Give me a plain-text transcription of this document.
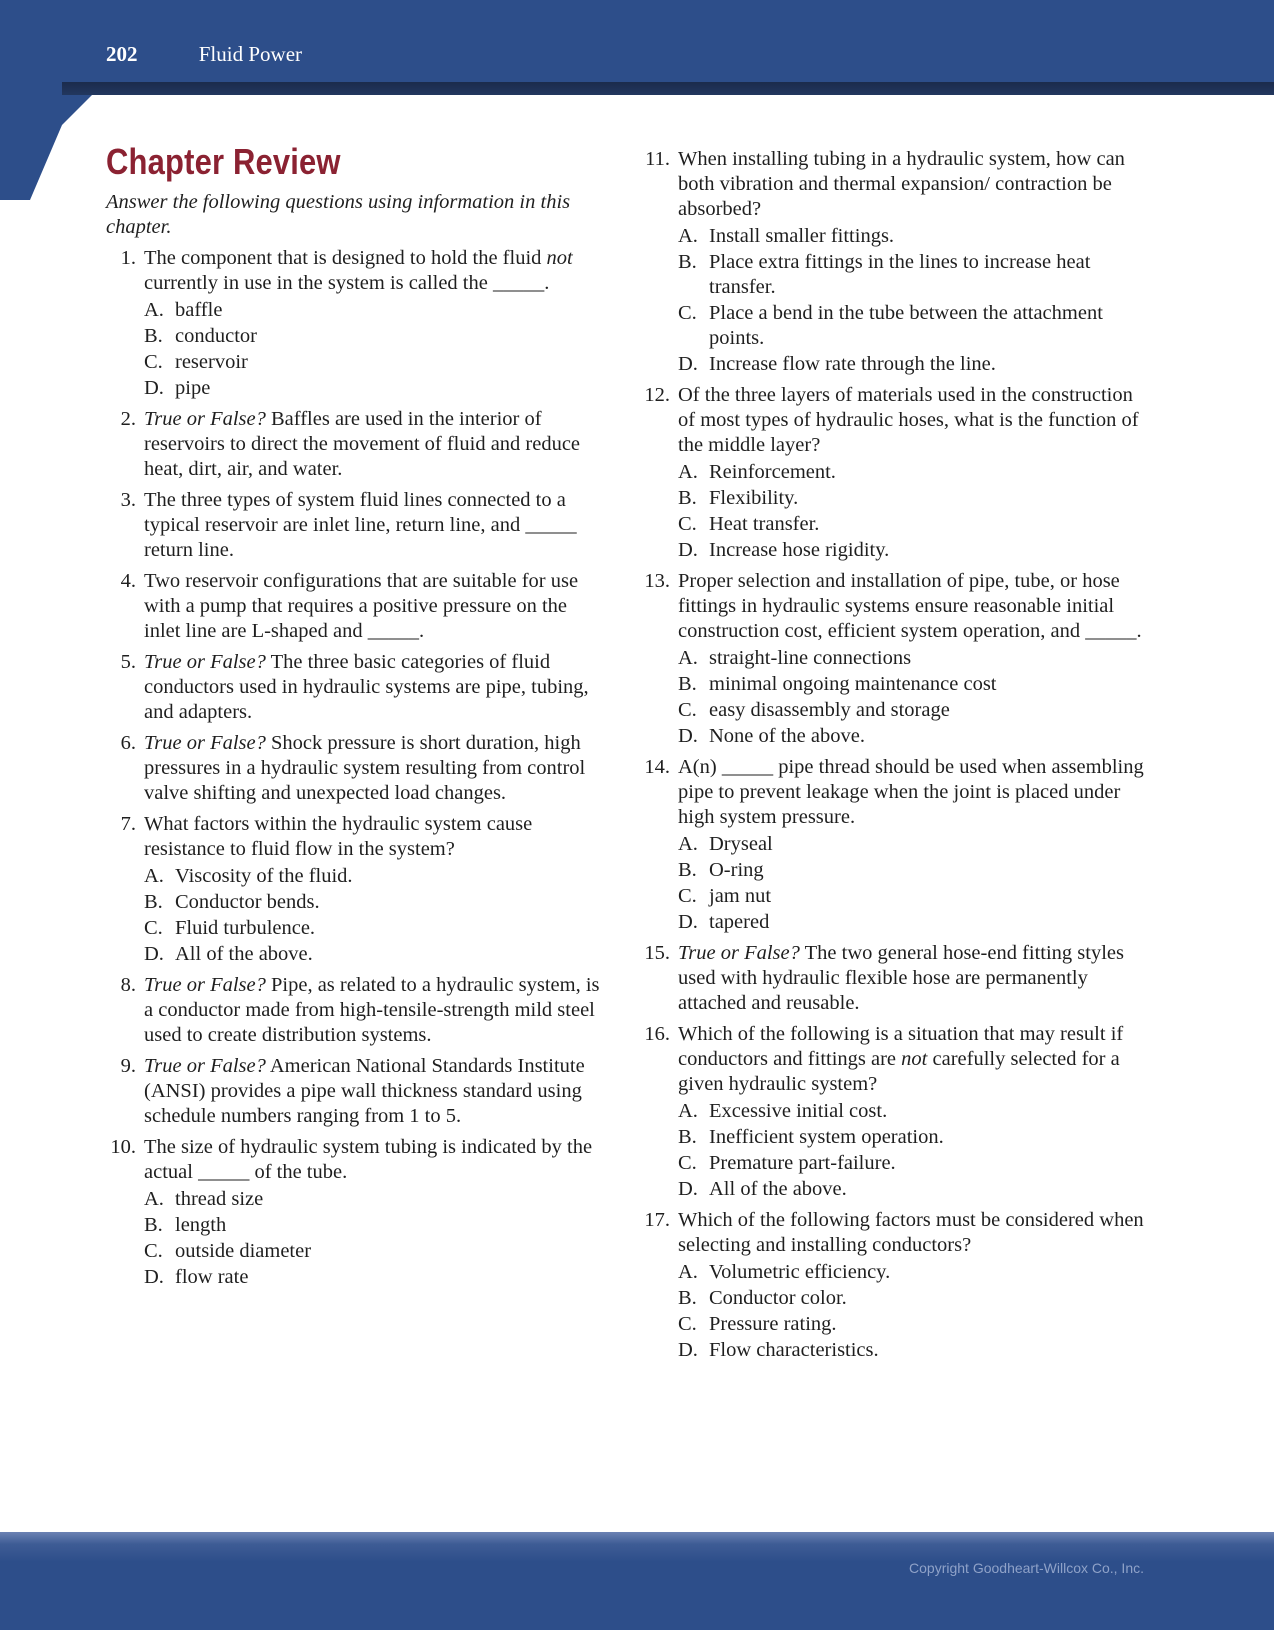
202	Fluid Power
Chapter Review

Answer the following questions using information in this chapter.

1. The component that is designed to hold the fluid not currently in use in the system is called the _____.
A. baffle
B. conductor
C. reservoir
D. pipe
2. True or False? Baffles are used in the interior of reservoirs to direct the movement of fluid and reduce heat, dirt, air, and water.
3. The three types of system fluid lines connected to a typical reservoir are inlet line, return line, and _____ return line.
4. Two reservoir configurations that are suitable for use with a pump that requires a positive pressure on the inlet line are L-shaped and _____.
5. True or False? The three basic categories of fluid conductors used in hydraulic systems are pipe, tubing, and adapters.
6. True or False? Shock pressure is short duration, high pressures in a hydraulic system resulting from control valve shifting and unexpected load changes.
7. What factors within the hydraulic system cause resistance to fluid flow in the system?
A. Viscosity of the fluid.
B. Conductor bends.
C. Fluid turbulence.
D. All of the above.
8. True or False? Pipe, as related to a hydraulic system, is a conductor made from high-tensile-strength mild steel used to create distribution systems.
9. True or False? American National Standards Institute (ANSI) provides a pipe wall thickness standard using schedule numbers ranging from 1 to 5.
10. The size of hydraulic system tubing is indicated by the actual _____ of the tube.
A. thread size
B. length
C. outside diameter
D. flow rate
11. When installing tubing in a hydraulic system, how can both vibration and thermal expansion/ contraction be absorbed?
A. Install smaller fittings.
B. Place extra fittings in the lines to increase heat transfer.
C. Place a bend in the tube between the attachment points.
D. Increase flow rate through the line.
12. Of the three layers of materials used in the construction of most types of hydraulic hoses, what is the function of the middle layer?
A. Reinforcement.
B. Flexibility.
C. Heat transfer.
D. Increase hose rigidity.
13. Proper selection and installation of pipe, tube, or hose fittings in hydraulic systems ensure reasonable initial construction cost, efficient system operation, and _____.
A. straight-line connections
B. minimal ongoing maintenance cost
C. easy disassembly and storage
D. None of the above.
14. A(n) _____ pipe thread should be used when assembling pipe to prevent leakage when the joint is placed under high system pressure.
A. Dryseal
B. O-ring
C. jam nut
D. tapered
15. True or False? The two general hose-end fitting styles used with hydraulic flexible hose are permanently attached and reusable.
16. Which of the following is a situation that may result if conductors and fittings are not carefully selected for a given hydraulic system?
A. Excessive initial cost.
B. Inefficient system operation.
C. Premature part-failure.
D. All of the above.
17. Which of the following factors must be considered when selecting and installing conductors?
A. Volumetric efficiency.
B. Conductor color.
C. Pressure rating.
D. Flow characteristics.
Copyright Goodheart-Willcox Co., Inc.
